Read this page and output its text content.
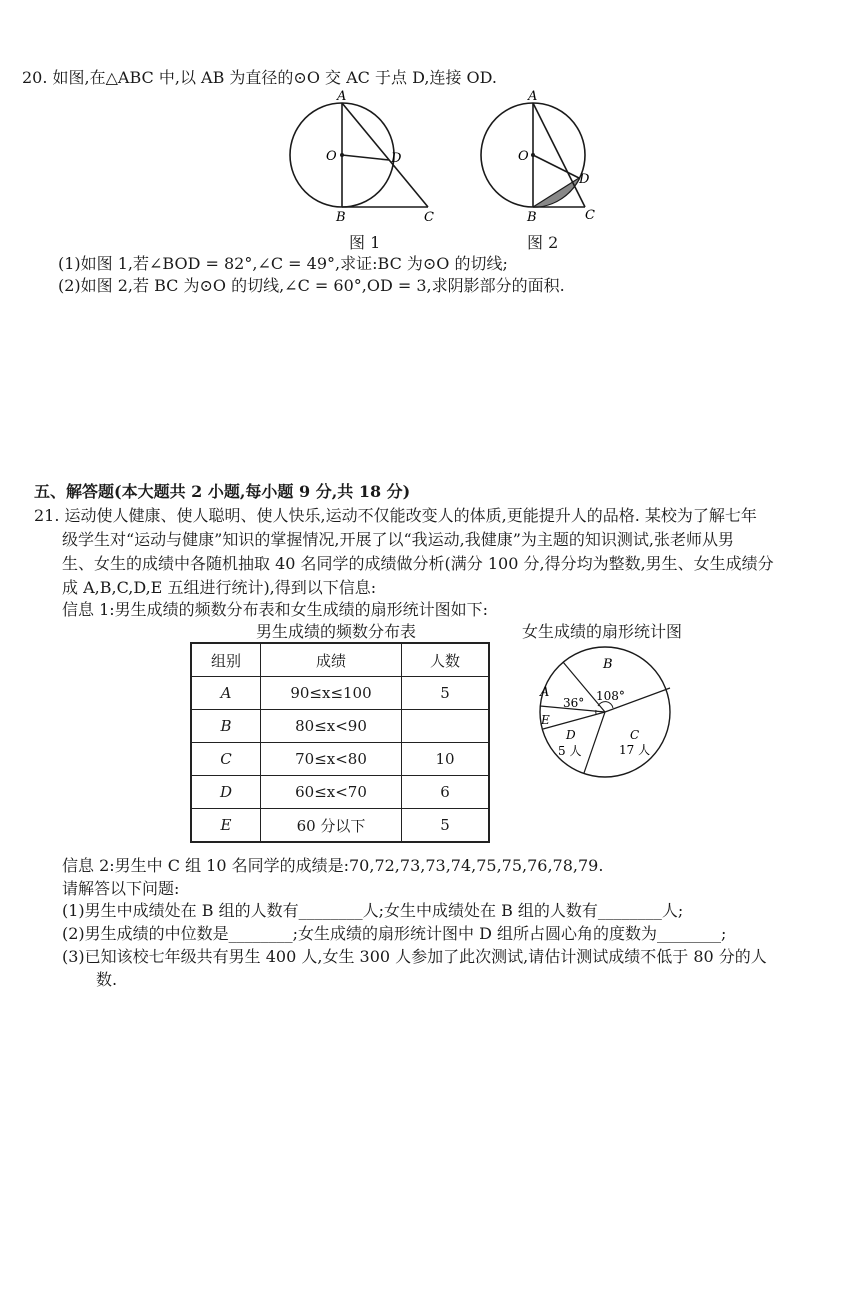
20. 如图,在△ABC 中,以 AB 为直径的⊙O 交 AC 于点 D,连接 OD.
A
O	D
B	C
图 1
A
O
D
B	C
图 2
(1)如图 1,若∠BOD = 82°,∠C = 49°,求证:BC 为⊙O 的切线;
(2)如图 2,若 BC 为⊙O 的切线,∠C = 60°,OD = 3,求阴影部分的面积.
五、解答题(本大题共 2 小题,每小题 9 分,共 18 分)
21. 运动使人健康、使人聪明、使人快乐,运动不仅能改变人的体质,更能提升人的品格. 某校为了解七年
级学生对“运动与健康”知识的掌握情况,开展了以“我运动,我健康”为主题的知识测试,张老师从男
生、女生的成绩中各随机抽取 40 名同学的成绩做分析(满分 100 分,得分均为整数,男生、女生成绩分
成 A,B,C,D,E 五组进行统计),得到以下信息:
信息 1:男生成绩的频数分布表和女生成绩的扇形统计图如下:
男生成绩的频数分布表
组别	成绩	人数
A	90≤x≤100	5
B	80≤x<90	
C	70≤x<80	10
D	60≤x<70	6
E	60 分以下	5
女生成绩的扇形统计图
B
108°
A
36°
E
D
5 人
C
17 人
信息 2:男生中 C 组 10 名同学的成绩是:70,72,73,73,74,75,75,76,78,79.
请解答以下问题:
(1)男生中成绩处在 B 组的人数有________人;女生中成绩处在 B 组的人数有________人;
(2)男生成绩的中位数是________;女生成绩的扇形统计图中 D 组所占圆心角的度数为________;
(3)已知该校七年级共有男生 400 人,女生 300 人参加了此次测试,请估计测试成绩不低于 80 分的人
数.
